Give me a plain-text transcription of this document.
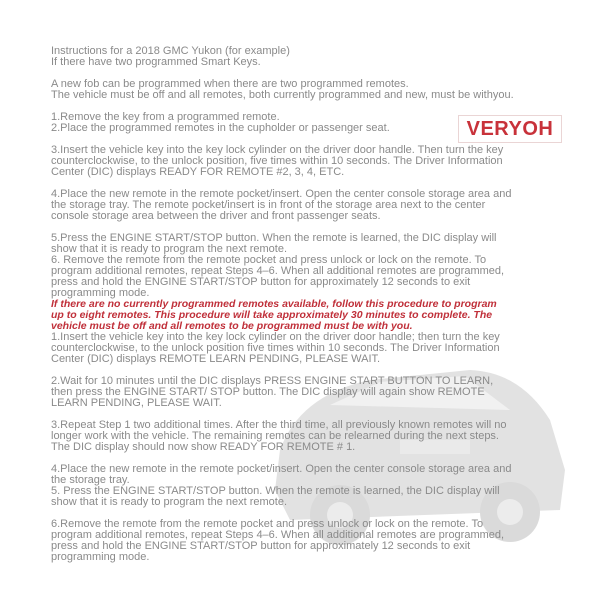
VERYOH
Instructions for a 2018 GMC Yukon (for example)
If there have two programmed Smart Keys.
A new fob can be programmed when there are two programmed remotes.
The vehicle must be off and all remotes, both currently programmed and new, must be withyou.
1.Remove the key from a programmed remote.
2.Place the programmed remotes in the cupholder or passenger seat.
3.Insert the vehicle key into the key lock cylinder on the driver door handle. Then turn the key
counterclockwise, to the unlock position, five times within 10 seconds. The Driver Information
Center (DIC) displays READY FOR REMOTE #2, 3, 4, ETC.
4.Place the new remote in the remote pocket/insert. Open the center console storage area and
the storage tray. The remote pocket/insert is in front of the storage area next to the center
console storage area between the driver and front passenger seats.
5.Press the ENGINE START/STOP button. When the remote is learned, the DIC display will
show that it is ready to program the next remote.
6. Remove the remote from the remote pocket and press unlock or lock on the remote. To
program additional remotes, repeat Steps 4–6. When all additional remotes are programmed,
press and hold the ENGINE START/STOP button for approximately 12 seconds to exit
programming mode.
If there are no currently programmed remotes available, follow this procedure to program
up to eight remotes. This procedure will take approximately 30 minutes to complete. The
vehicle must be off and all remotes to be programmed must be with you.
1.Insert the vehicle key into the key lock cylinder on the driver door handle; then turn the key
counterclockwise, to the unlock position five times within 10 seconds. The Driver Information
Center (DIC) displays REMOTE LEARN PENDING, PLEASE WAIT.
2.Wait for 10 minutes until the DIC displays PRESS ENGINE START BUTTON TO LEARN,
then press the ENGINE START/ STOP button. The DIC display will again show REMOTE
LEARN PENDING, PLEASE WAIT.
3.Repeat Step 1 two additional times. After the third time, all previously known remotes will no
longer work with the vehicle. The remaining remotes can be relearned during the next steps.
The DIC display should now show READY FOR REMOTE # 1.
4.Place the new remote in the remote pocket/insert. Open the center console storage area and
the storage tray.
5. Press the ENGINE START/STOP button. When the remote is learned, the DIC display will
show that it is ready to program the next remote.
6.Remove the remote from the remote pocket and press unlock or lock on the remote. To
program additional remotes, repeat Steps 4–6. When all additional remotes are programmed,
press and hold the ENGINE START/STOP button for approximately 12 seconds to exit
programming mode.
